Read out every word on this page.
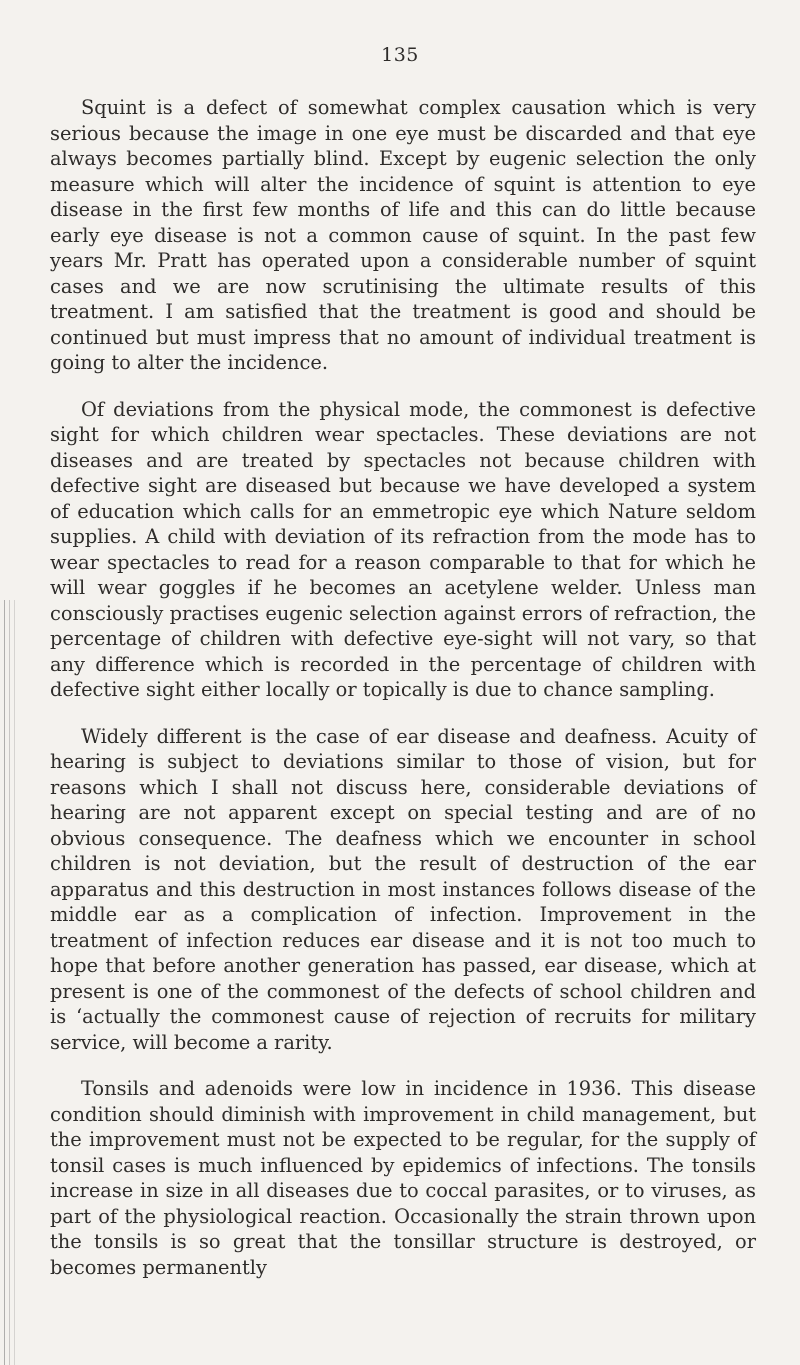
135

Squint is a defect of somewhat complex causation which is very serious because the image in one eye must be discarded and that eye always becomes partially blind. Except by eugenic selection the only measure which will alter the incidence of squint is attention to eye disease in the first few months of life and this can do little because early eye disease is not a common cause of squint. In the past few years Mr. Pratt has operated upon a considerable number of squint cases and we are now scrutinising the ultimate results of this treatment. I am satisfied that the treatment is good and should be continued but must impress that no amount of individual treatment is going to alter the incidence.

Of deviations from the physical mode, the commonest is defective sight for which children wear spectacles. These deviations are not diseases and are treated by spectacles not because children with defective sight are diseased but because we have developed a system of education which calls for an emmetropic eye which Nature seldom supplies. A child with deviation of its refraction from the mode has to wear spectacles to read for a reason comparable to that for which he will wear goggles if he becomes an acetylene welder. Unless man consciously practises eugenic selection against errors of refraction, the percentage of children with defective eye-sight will not vary, so that any difference which is recorded in the percentage of children with defective sight either locally or topically is due to chance sampling.

Widely different is the case of ear disease and deafness. Acuity of hearing is subject to deviations similar to those of vision, but for reasons which I shall not discuss here, considerable deviations of hearing are not apparent except on special testing and are of no obvious consequence. The deafness which we encounter in school children is not deviation, but the result of destruction of the ear apparatus and this destruction in most instances follows disease of the middle ear as a complication of infection. Improvement in the treatment of infection reduces ear disease and it is not too much to hope that before another generation has passed, ear disease, which at present is one of the commonest of the defects of school children and is ‘actually the commonest cause of rejection of recruits for military service, will become a rarity.

Tonsils and adenoids were low in incidence in 1936. This disease condition should diminish with improvement in child management, but the improvement must not be expected to be regular, for the supply of tonsil cases is much influenced by epidemics of infections. The tonsils increase in size in all diseases due to coccal parasites, or to viruses, as part of the physiological reaction. Occasionally the strain thrown upon the tonsils is so great that the tonsillar structure is destroyed, or becomes permanently
